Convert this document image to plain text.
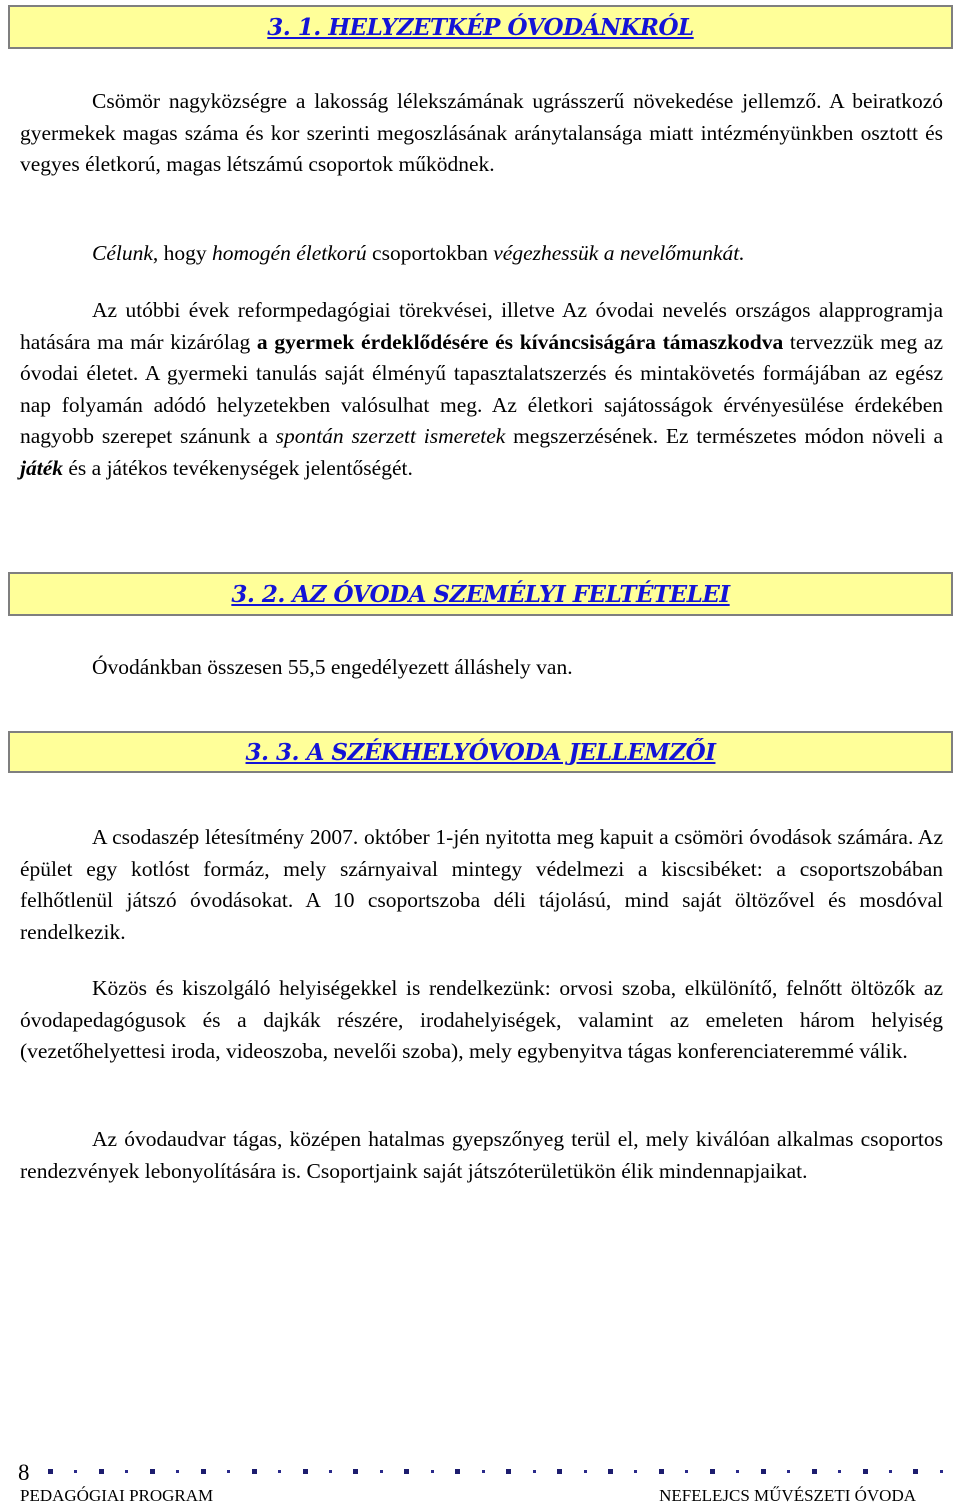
3. 1. HELYZETKÉP ÓVODÁNKRÓL

Csömör nagyközségre a lakosság lélekszámának ugrásszerű növekedése jellemző. A beiratkozó gyermekek magas száma és kor szerinti megoszlásának aránytalansága miatt intézményünkben osztott és vegyes életkorú, magas létszámú csoportok működnek.

Célunk, hogy homogén életkorú csoportokban végezhessük a nevelőmunkát.

Az utóbbi évek reformpedagógiai törekvései, illetve Az óvodai nevelés országos alapprogramja hatására ma már kizárólag a gyermek érdeklődésére és kíváncsiságára támaszkodva tervezzük meg az óvodai életet. A gyermeki tanulás saját élményű tapasztalatszerzés és mintakövetés formájában az egész nap folyamán adódó helyzetekben valósulhat meg. Az életkori sajátosságok érvényesülése érdekében nagyobb szerepet szánunk a spontán szerzett ismeretek megszerzésének. Ez természetes módon növeli a játék és a játékos tevékenységek jelentőségét.

3. 2. AZ ÓVODA SZEMÉLYI FELTÉTELEI

Óvodánkban összesen 55,5 engedélyezett álláshely van.

3. 3. A SZÉKHELYÓVODA JELLEMZŐI

A csodaszép létesítmény 2007. október 1-jén nyitotta meg kapuit a csömöri óvodások számára. Az épület egy kotlóst formáz, mely szárnyaival mintegy védelmezi a kiscsibéket: a csoportszobában felhőtlenül játszó óvodásokat. A 10 csoportszoba déli tájolású, mind saját öltözővel és mosdóval rendelkezik.

Közös és kiszolgáló helyiségekkel is rendelkezünk: orvosi szoba, elkülönítő, felnőtt öltözők az óvodapedagógusok és a dajkák részére, irodahelyiségek, valamint az emeleten három helyiség (vezetőhelyettesi iroda, videoszoba, nevelői szoba), mely egybenyitva tágas konferenciateremmé válik.

Az óvodaudvar tágas, középen hatalmas gyepszőnyeg terül el, mely kiválóan alkalmas csoportos rendezvények lebonyolítására is. Csoportjaink saját játszóterületükön élik mindennapjaikat.

8
PEDAGÓGIAI PROGRAM	NEFELEJCS MŰVÉSZETI ÓVODA
